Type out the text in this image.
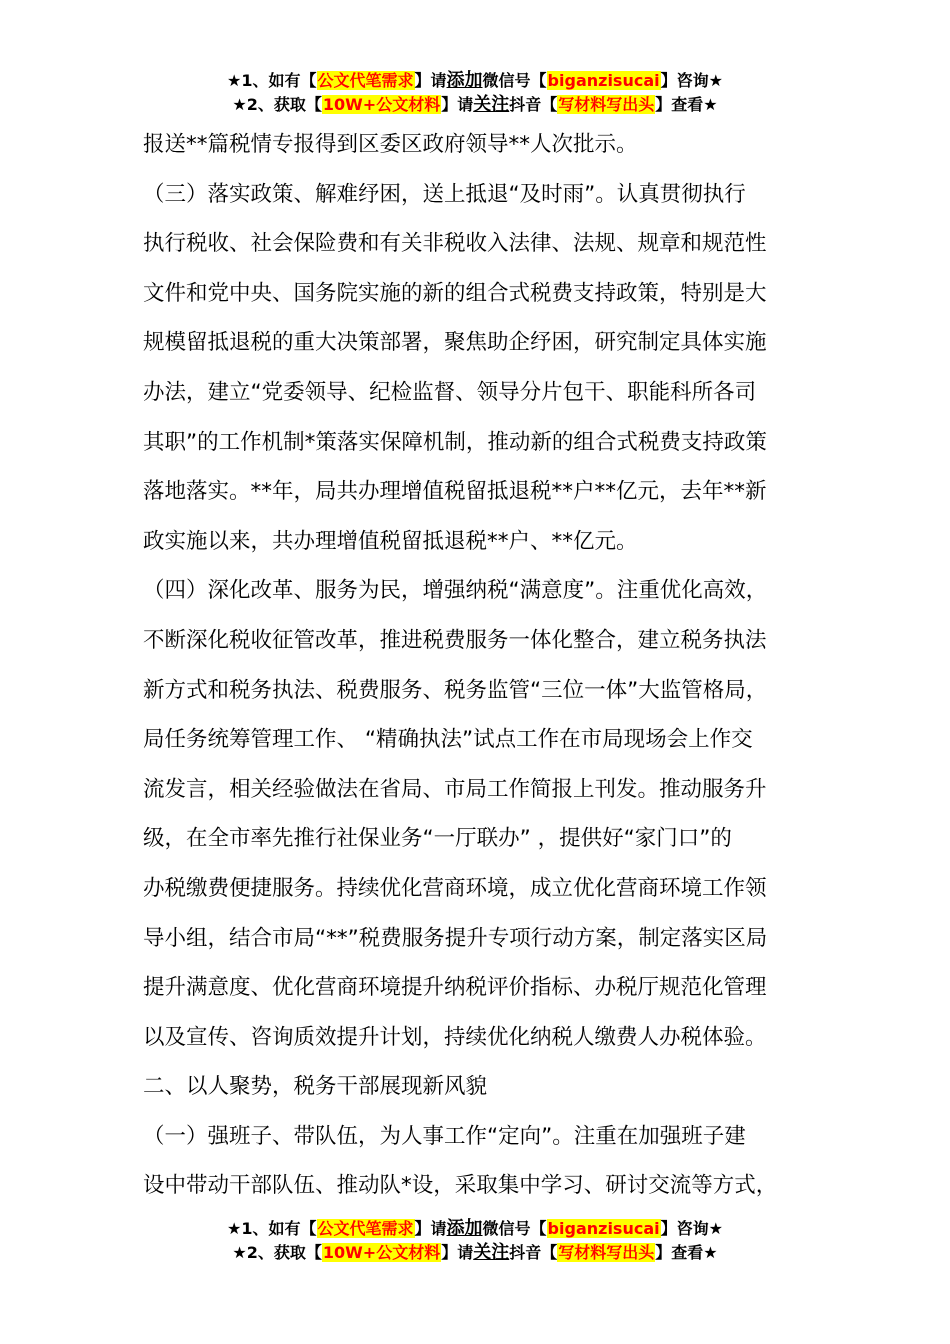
★1、如有【公文代笔需求】请添加微信号【biganzisucai】咨询★
★2、获取【10W+公文材料】请关注抖音【写材料写出头】查看★

报送**篇税情专报得到区委区政府领导**人次批示。

（三）落实政策、解难纾困，送上抵退“及时雨”。认真贯彻执行

执行税收、社会保险费和有关非税收入法律、法规、规章和规范性

文件和党中央、国务院实施的新的组合式税费支持政策，特别是大

规模留抵退税的重大决策部署，聚焦助企纾困，研究制定具体实施

办法，建立“党委领导、纪检监督、领导分片包干、职能科所各司

其职”的工作机制*策落实保障机制，推动新的组合式税费支持政策

落地落实。**年，局共办理增值税留抵退税**户**亿元，去年**新

政实施以来，共办理增值税留抵退税**户、**亿元。

（四）深化改革、服务为民，增强纳税“满意度”。注重优化高效，

不断深化税收征管改革，推进税费服务一体化整合，建立税务执法

新方式和税务执法、税费服务、税务监管“三位一体”大监管格局，

局任务统筹管理工作、 “精确执法”试点工作在市局现场会上作交

流发言，相关经验做法在省局、市局工作简报上刊发。推动服务升

级，在全市率先推行社保业务“一厅联办” ，提供好“家门口”的

办税缴费便捷服务。持续优化营商环境，成立优化营商环境工作领

导小组，结合市局“**”税费服务提升专项行动方案，制定落实区局

提升满意度、优化营商环境提升纳税评价指标、办税厅规范化管理

以及宣传、咨询质效提升计划，持续优化纳税人缴费人办税体验。

二、以人聚势，税务干部展现新风貌

（一）强班子、带队伍，为人事工作“定向”。注重在加强班子建

设中带动干部队伍、推动队*设，采取集中学习、研讨交流等方式，

★1、如有【公文代笔需求】请添加微信号【biganzisucai】咨询★
★2、获取【10W+公文材料】请关注抖音【写材料写出头】查看★
